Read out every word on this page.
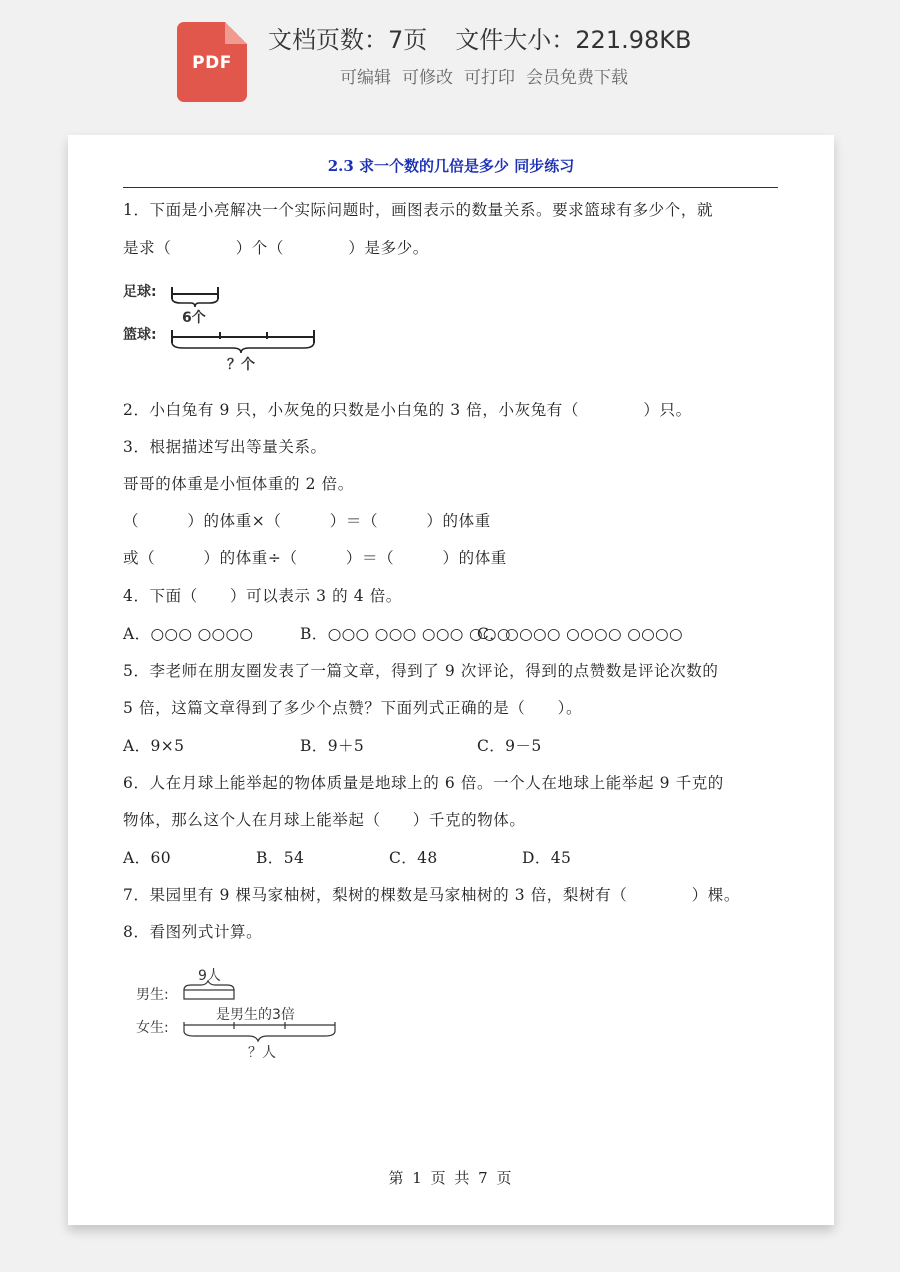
PDF
文档页数：7页 文件大小：221.98KB
可编辑 可修改 可打印 会员免费下载
2.3 求一个数的几倍是多少 同步练习
1．下面是小亮解决一个实际问题时，画图表示的数量关系。要求篮球有多少个，就
是求（　　　　）个（　　　　）是多少。
足球:
篮球:
6个
？个
2．小白兔有 9 只，小灰兔的只数是小白兔的 3 倍，小灰兔有（　　　　）只。
3．根据描述写出等量关系。
哥哥的体重是小恒体重的 2 倍。
（　　　）的体重×（　　　）＝（　　　）的体重
或（　　　）的体重÷（　　　）＝（　　　）的体重
4．下面（　　）可以表示 3 的 4 倍。
A．○○○ ○○○○	B．○○○ ○○○ ○○○ ○○○
C．○○○○ ○○○○ ○○○○
5．李老师在朋友圈发表了一篇文章，得到了 9 次评论，得到的点赞数是评论次数的
5 倍，这篇文章得到了多少个点赞？下面列式正确的是（　　）。
A．9×5	B．9＋5	C．9－5
6．人在月球上能举起的物体质量是地球上的 6 倍。一个人在地球上能举起 9 千克的
物体，那么这个人在月球上能举起（　　）千克的物体。
A．60	B．54	C．48	D．45
7．果园里有 9 棵马家柚树，梨树的棵数是马家柚树的 3 倍，梨树有（　　　　）棵。
8．看图列式计算。
9人
男生:
是男生的3倍
女生:
？人
第 1 页 共 7 页
